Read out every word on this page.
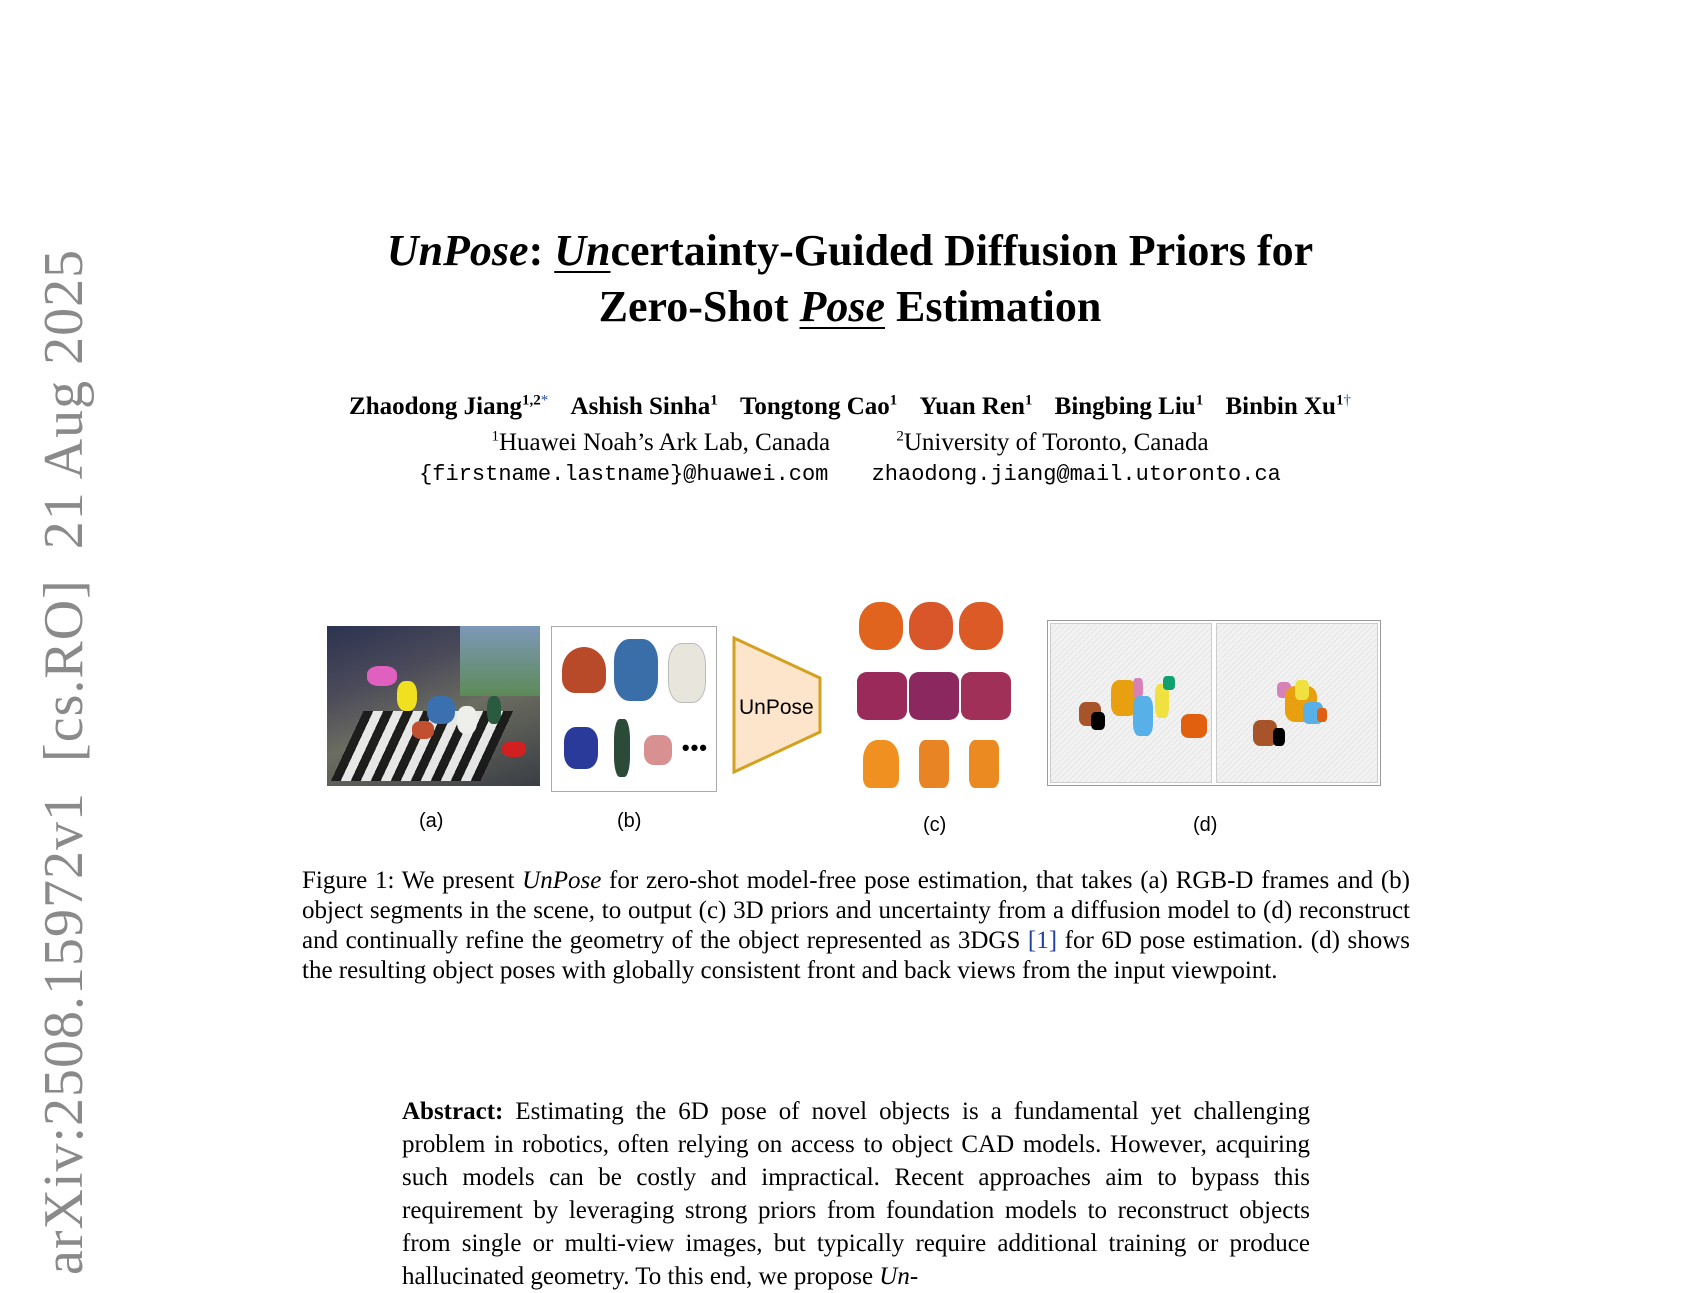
arXiv:2508.15972v1  [cs.RO]  21 Aug 2025	UnPose: Uncertainty-Guided Diffusion Priors for
Zero-Shot Pose Estimation
Zhaodong Jiang$^{1,2*}$ Ashish Sinha$^1$ Tongtong Cao$^1$ Yuan Ren$^1$ Bingbing Liu$^1$ Binbin $Xu^{1\dagger}$
$^1$Huawei Noah’s Ark Lab, Canada	$^2$University of Toronto, Canada
{firstname.lastname}@huawei.com zhaodong.jiang@mail.utoronto.ca
(a)
•••
(b)
UnPose
(c)	(d)
Figure 1: We present UnPose for zero-shot model-free pose estimation, that takes (a) RGB-D frames and (b) object segments in the scene, to output (c) 3D priors and uncertainty from a diffusion model to (d) reconstruct and continually refine the geometry of the object represented as 3DGS [1] for 6D pose estimation. (d) shows the resulting object poses with globally consistent front and back views from the input viewpoint.
Abstract: Estimating the 6D pose of novel objects is a fundamental yet challenging problem in robotics, often relying on access to object CAD models. However, acquiring such models can be costly and impractical. Recent approaches aim to bypass this requirement by leveraging strong priors from foundation models to reconstruct objects from single or multi-view images, but typically require additional training or produce hallucinated geometry. To this end, we propose Un-
